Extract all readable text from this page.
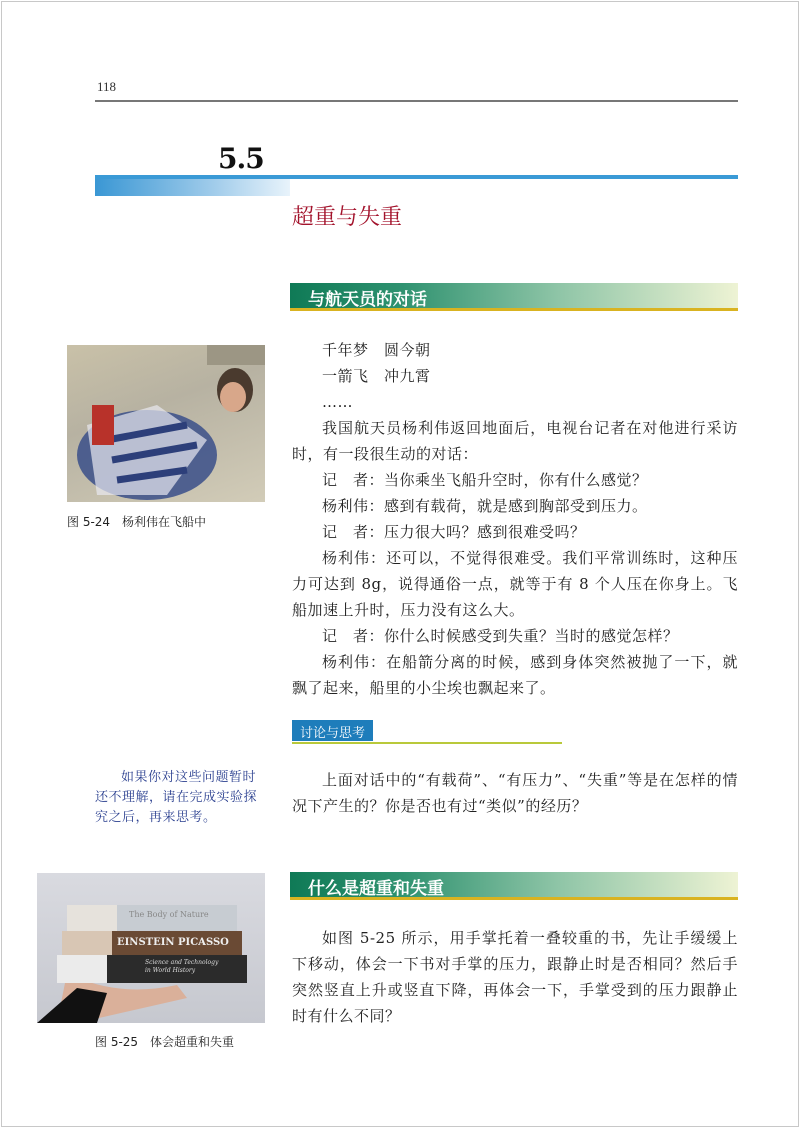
118
5.5
超重与失重
与航天员的对话
图 5-24　杨利伟在飞船中

千年梦　圆今朝

一箭飞　冲九霄

……

我国航天员杨利伟返回地面后，电视台记者在对他进行采访时，有一段很生动的对话：

记　者：当你乘坐飞船升空时，你有什么感觉？

杨利伟：感到有载荷，就是感到胸部受到压力。

记　者：压力很大吗？感到很难受吗？

杨利伟：还可以，不觉得很难受。我们平常训练时，这种压力可达到 8g，说得通俗一点，就等于有 8 个人压在你身上。飞船加速上升时，压力没有这么大。

记　者：你什么时候感受到失重？当时的感觉怎样？

杨利伟：在船箭分离的时候，感到身体突然被抛了一下，就飘了起来，船里的小尘埃也飘起来了。

讨论与思考

如果你对这些问题暂时还不理解，请在完成实验探究之后，再来思考。

上面对话中的“有载荷”、“有压力”、“失重”等是在怎样的情况下产生的？你是否也有过“类似”的经历？

什么是超重和失重
The Body of Nature
EINSTEIN PICASSO
Science and Technology in World History
图 5-25　体会超重和失重

如图 5-25 所示，用手掌托着一叠较重的书，先让手缓缓上下移动，体会一下书对手掌的压力，跟静止时是否相同？然后手突然竖直上升或竖直下降，再体会一下，手掌受到的压力跟静止时有什么不同？
